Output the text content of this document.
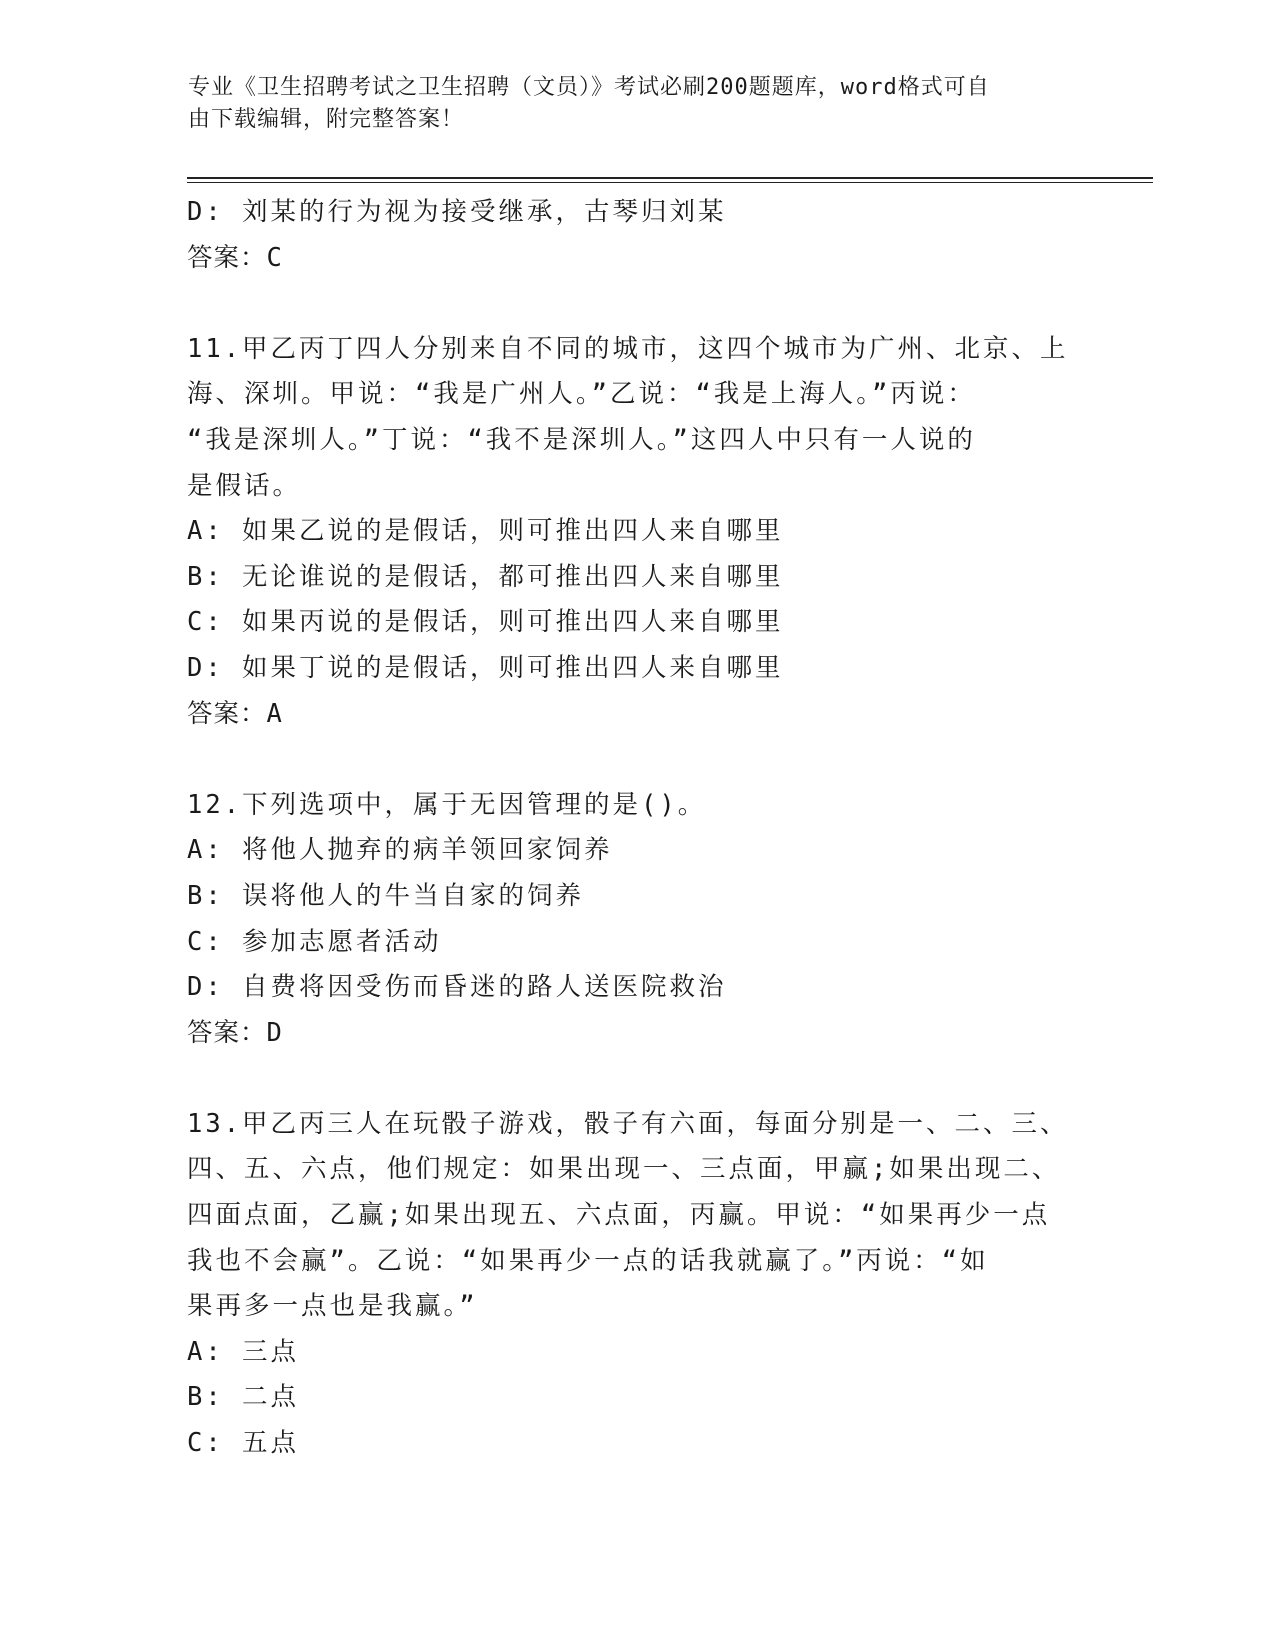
专业《卫生招聘考试之卫生招聘（文员）》考试必刷200题题库，word格式可自
由下载编辑，附完整答案！
D: 刘某的行为视为接受继承，古琴归刘某
答案：C
11.甲乙丙丁四人分别来自不同的城市，这四个城市为广州、北京、上
海、深圳。甲说：“我是广州人。”乙说：“我是上海人。”丙说：
“我是深圳人。”丁说：“我不是深圳人。”这四人中只有一人说的
是假话。
A: 如果乙说的是假话，则可推出四人来自哪里
B: 无论谁说的是假话，都可推出四人来自哪里
C: 如果丙说的是假话，则可推出四人来自哪里
D: 如果丁说的是假话，则可推出四人来自哪里
答案：A
12.下列选项中，属于无因管理的是()。
A: 将他人抛弃的病羊领回家饲养
B: 误将他人的牛当自家的饲养
C: 参加志愿者活动
D: 自费将因受伤而昏迷的路人送医院救治
答案：D
13.甲乙丙三人在玩骰子游戏，骰子有六面，每面分别是一、二、三、
四、五、六点，他们规定：如果出现一、三点面，甲赢;如果出现二、
四面点面，乙赢;如果出现五、六点面，丙赢。甲说：“如果再少一点
我也不会赢”。乙说：“如果再少一点的话我就赢了。”丙说：“如
果再多一点也是我赢。”
A: 三点
B: 二点
C: 五点
